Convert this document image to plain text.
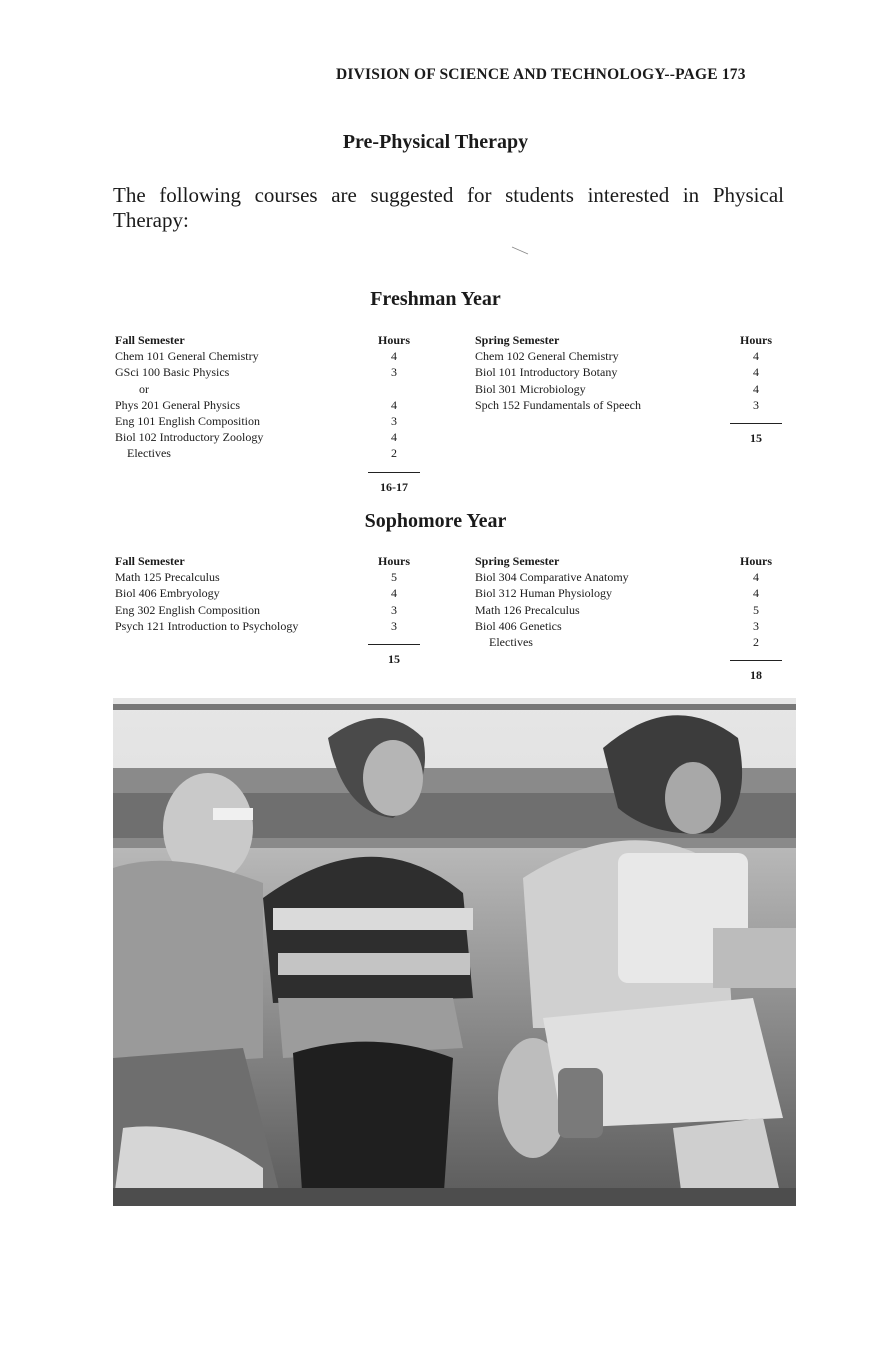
DIVISION OF SCIENCE AND TECHNOLOGY--PAGE 173
Pre-Physical Therapy

The following courses are suggested for students interested in Physical Therapy:

Freshman Year
Fall Semester
Chem 101 General Chemistry
GSci 100 Basic Physics
or
Phys 201 General Physics
Eng 101 English Composition
Biol 102 Introductory Zoology
Electives
Hours
4
3
4
3
4
2
16-17
Spring Semester
Chem 102 General Chemistry
Biol 101 Introductory Botany
Biol 301 Microbiology
Spch 152 Fundamentals of Speech
Hours
4
4
4
3
15
Sophomore Year
Fall Semester
Math 125 Precalculus
Biol 406 Embryology
Eng 302 English Composition
Psych 121 Introduction to Psychology
Hours
5
4
3
3
15
Spring Semester
Biol 304 Comparative Anatomy
Biol 312 Human Physiology
Math 126 Precalculus
Biol 406 Genetics
Electives
Hours
4
4
5
3
2
18
